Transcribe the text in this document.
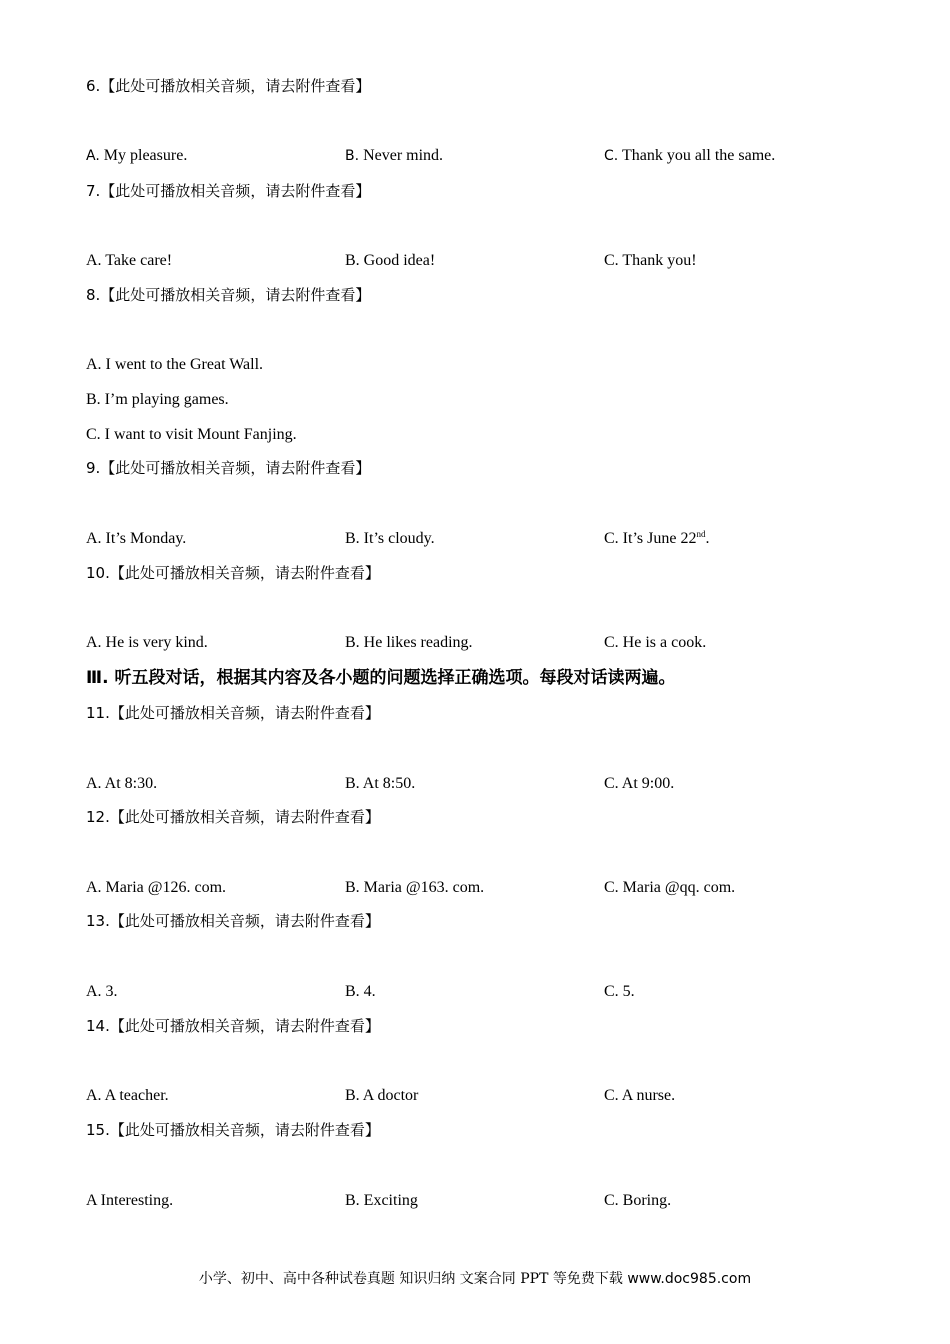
6.【此处可播放相关音频，请去附件查看】
A. My pleasure.	B. Never mind.	C. Thank you all the same.
7.【此处可播放相关音频，请去附件查看】
A. Take care!	B. Good idea!	C. Thank you!
8.【此处可播放相关音频，请去附件查看】
A. I went to the Great Wall.
B. I’m playing games.
C. I want to visit Mount Fanjing.
9.【此处可播放相关音频，请去附件查看】
A. It’s Monday.	B. It’s cloudy.	C. It’s June 22nd.
10.【此处可播放相关音频，请去附件查看】
A. He is very kind.	B. He likes reading.	C. He is a cook.
Ⅲ. 听五段对话，根据其内容及各小题的问题选择正确选项。每段对话读两遍。
11.【此处可播放相关音频，请去附件查看】
A. At 8:30.	B. At 8:50.	C. At 9:00.
12.【此处可播放相关音频，请去附件查看】
A. Maria @126. com.	B. Maria @163. com.	C. Maria @qq. com.
13.【此处可播放相关音频，请去附件查看】
A. 3.	B. 4.	C. 5.
14.【此处可播放相关音频，请去附件查看】
A. A teacher.	B. A doctor	C. A nurse.
15.【此处可播放相关音频，请去附件查看】
A Interesting.	B. Exciting	C. Boring.
小学、初中、高中各种试卷真题 知识归纳 文案合同 PPT 等免费下载 www.doc985.com
